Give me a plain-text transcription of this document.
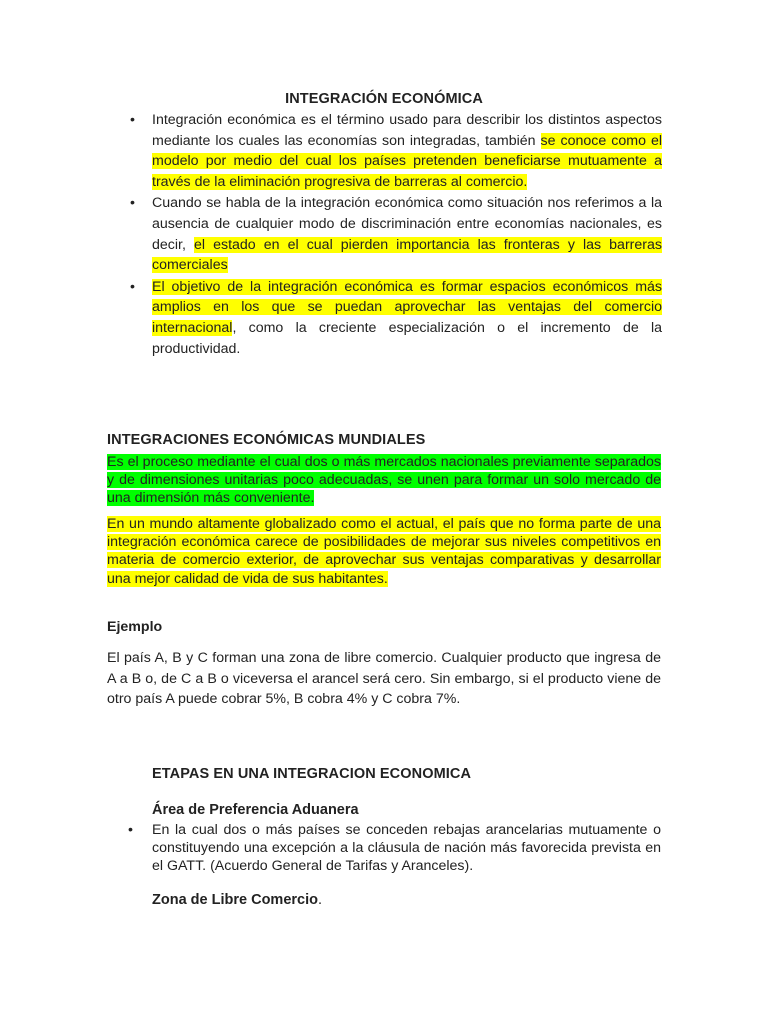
INTEGRACIÓN ECONÓMICA
• Integración económica es el término usado para describir los distintos aspectos mediante los cuales las economías son integradas, también se conoce como el modelo por medio del cual los países pretenden beneficiarse mutuamente a través de la eliminación progresiva de barreras al comercio.
• Cuando se habla de la integración económica como situación nos referimos a la ausencia de cualquier modo de discriminación entre economías nacionales, es decir, el estado en el cual pierden importancia las fronteras y las barreras comerciales
• El objetivo de la integración económica es formar espacios económicos más amplios en los que se puedan aprovechar las ventajas del comercio internacional, como la creciente especialización o el incremento de la productividad.
INTEGRACIONES ECONÓMICAS MUNDIALES

Es el proceso mediante el cual dos o más mercados nacionales previamente separados y de dimensiones unitarias poco adecuadas, se unen para formar un solo mercado de una dimensión más conveniente.

En un mundo altamente globalizado como el actual, el país que no forma parte de una integración económica carece de posibilidades de mejorar sus niveles competitivos en materia de comercio exterior, de aprovechar sus ventajas comparativas y desarrollar una mejor calidad de vida de sus habitantes.

Ejemplo

El país A, B y C forman una zona de libre comercio. Cualquier producto que ingresa de A a B o, de C a B o viceversa el arancel será cero. Sin embargo, si el producto viene de otro país A puede cobrar 5%, B cobra 4% y C cobra 7%.

ETAPAS EN UNA INTEGRACION ECONOMICA
Área de Preferencia Aduanera
• En la cual dos o más países se conceden rebajas arancelarias mutuamente o constituyendo una excepción a la cláusula de nación más favorecida prevista en el GATT. (Acuerdo General de Tarifas y Aranceles).
Zona de Libre Comercio.
